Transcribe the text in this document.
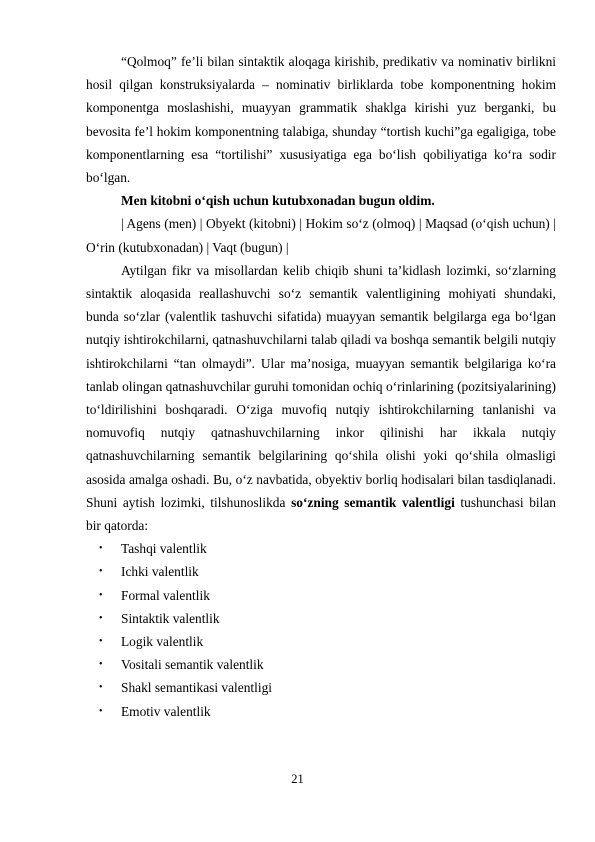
“Qolmoq” fe’li bilan sintaktik aloqaga kirishib, predikativ va nominativ birlikni hosil qilgan konstruksiyalarda – nominativ birliklarda tobe komponentning hokim komponentga moslashishi, muayyan grammatik shaklga kirishi yuz berganki, bu bevosita fe’l hokim komponentning talabiga, shunday “tortish kuchi”ga egaligiga, tobe komponentlarning esa “tortilishi” xususiyatiga ega bo‘lish qobiliyatiga ko‘ra sodir bo‘lgan.

Men kitobni o‘qish uchun kutubxonadan bugun oldim.

| Agens (men) | Obyekt (kitobni) | Hokim so‘z (olmoq) | Maqsad (o‘qish uchun) | O‘rin (kutubxonadan) | Vaqt (bugun) |

Aytilgan fikr va misollardan kelib chiqib shuni ta’kidlash lozimki, so‘zlarning sintaktik aloqasida reallashuvchi so‘z semantik valentligining mohiyati shundaki, bunda so‘zlar (valentlik tashuvchi sifatida) muayyan semantik belgilarga ega bo‘lgan nutqiy ishtirokchilarni, qatnashuvchilarni talab qiladi va boshqa semantik belgili nutqiy ishtirokchilarni “tan olmaydi”. Ular ma’nosiga, muayyan semantik belgilariga ko‘ra tanlab olingan qatnashuvchilar guruhi tomonidan ochiq o‘rinlarining (pozitsiyalarining) to‘ldirilishini boshqaradi. O‘ziga muvofiq nutqiy ishtirokchilarning tanlanishi va nomuvofiq nutqiy qatnashuvchilarning inkor qilinishi har ikkala nutqiy qatnashuvchilarning semantik belgilarining qo‘shila olishi yoki qo‘shila olmasligi asosida amalga oshadi. Bu, o‘z navbatida, obyektiv borliq hodisalari bilan tasdiqlanadi. Shuni aytish lozimki, tilshunoslikda so‘zning semantik valentligi tushunchasi bilan bir qatorda:

• Tashqi valentlik
• Ichki valentlik
• Formal valentlik
• Sintaktik valentlik
• Logik valentlik
• Vositali semantik valentlik
• Shakl semantikasi valentligi
• Emotiv valentlik
21
